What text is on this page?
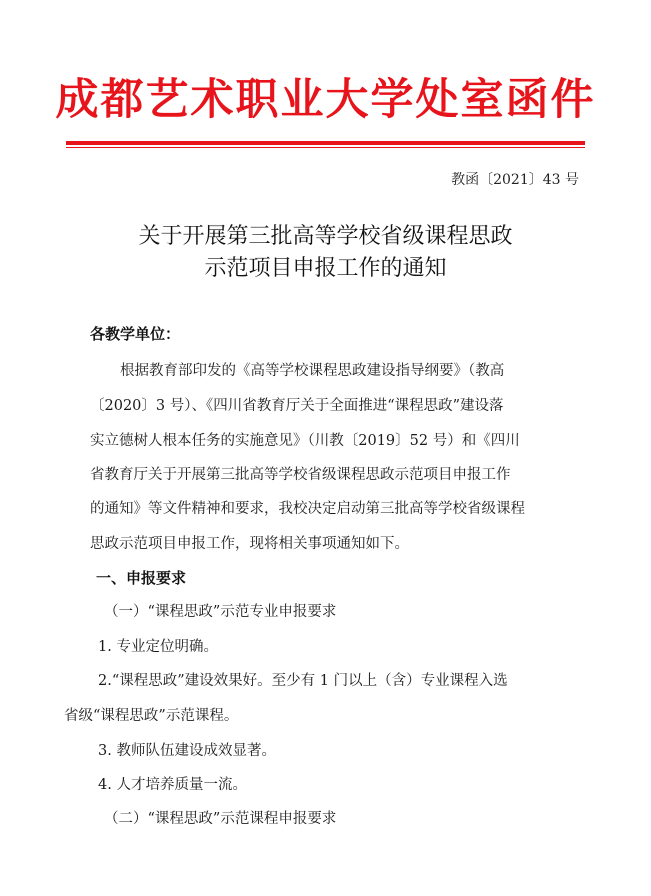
成都艺术职业大学处室函件
教函〔2021〕43 号
关于开展第三批高等学校省级课程思政
示范项目申报工作的通知
各教学单位：
根据教育部印发的《高等学校课程思政建设指导纲要》（教高
〔2020〕3 号）、《四川省教育厅关于全面推进“课程思政”建设落
实立德树人根本任务的实施意见》（川教〔2019〕52 号）和《四川
省教育厅关于开展第三批高等学校省级课程思政示范项目申报工作
的通知》等文件精神和要求，我校决定启动第三批高等学校省级课程
思政示范项目申报工作，现将相关事项通知如下。
一、申报要求
（一）“课程思政”示范专业申报要求
1. 专业定位明确。
2.“课程思政”建设效果好。至少有 1 门以上（含）专业课程入选
省级“课程思政”示范课程。
3. 教师队伍建设成效显著。
4. 人才培养质量一流。
（二）“课程思政”示范课程申报要求
